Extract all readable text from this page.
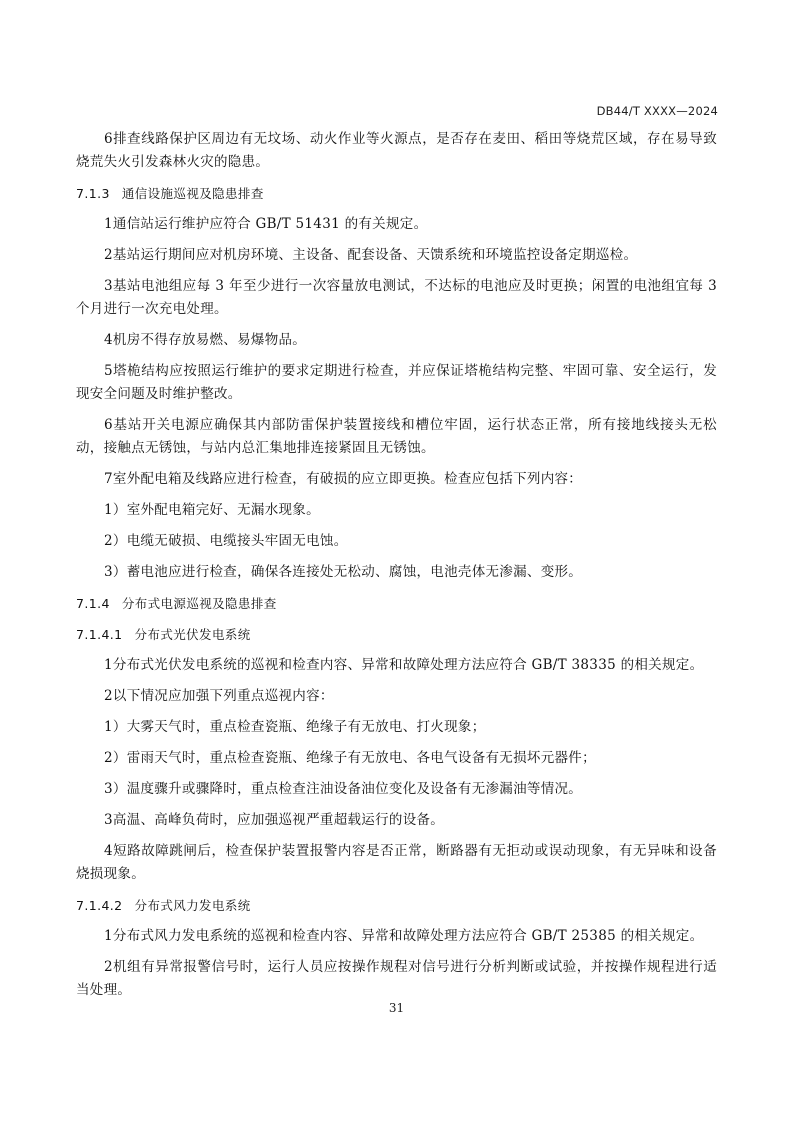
DB44/T XXXX—2024

6排查线路保护区周边有无坟场、动火作业等火源点，是否存在麦田、稻田等烧荒区域，存在易导致烧荒失火引发森林火灾的隐患。

7.1.3 通信设施巡视及隐患排查

1通信站运行维护应符合 GB/T 51431 的有关规定。

2基站运行期间应对机房环境、主设备、配套设备、天馈系统和环境监控设备定期巡检。

3基站电池组应每 3 年至少进行一次容量放电测试，不达标的电池应及时更换；闲置的电池组宜每 3 个月进行一次充电处理。

4机房不得存放易燃、易爆物品。

5塔桅结构应按照运行维护的要求定期进行检查，并应保证塔桅结构完整、牢固可靠、安全运行，发现安全问题及时维护整改。

6基站开关电源应确保其内部防雷保护装置接线和槽位牢固，运行状态正常，所有接地线接头无松动，接触点无锈蚀，与站内总汇集地排连接紧固且无锈蚀。

7室外配电箱及线路应进行检查，有破损的应立即更换。检查应包括下列内容：

1）室外配电箱完好、无漏水现象。

2）电缆无破损、电缆接头牢固无电蚀。

3）蓄电池应进行检查，确保各连接处无松动、腐蚀，电池壳体无渗漏、变形。

7.1.4 分布式电源巡视及隐患排查
7.1.4.1 分布式光伏发电系统

1分布式光伏发电系统的巡视和检查内容、异常和故障处理方法应符合 GB/T 38335 的相关规定。

2以下情况应加强下列重点巡视内容：

1）大雾天气时，重点检查瓷瓶、绝缘子有无放电、打火现象；

2）雷雨天气时，重点检查瓷瓶、绝缘子有无放电、各电气设备有无损坏元器件；

3）温度骤升或骤降时，重点检查注油设备油位变化及设备有无渗漏油等情况。

3高温、高峰负荷时，应加强巡视严重超载运行的设备。

4短路故障跳闸后，检查保护装置报警内容是否正常，断路器有无拒动或误动现象，有无异味和设备烧损现象。

7.1.4.2 分布式风力发电系统

1分布式风力发电系统的巡视和检查内容、异常和故障处理方法应符合 GB/T 25385 的相关规定。

2机组有异常报警信号时，运行人员应按操作规程对信号进行分析判断或试验，并按操作规程进行适当处理。

31
